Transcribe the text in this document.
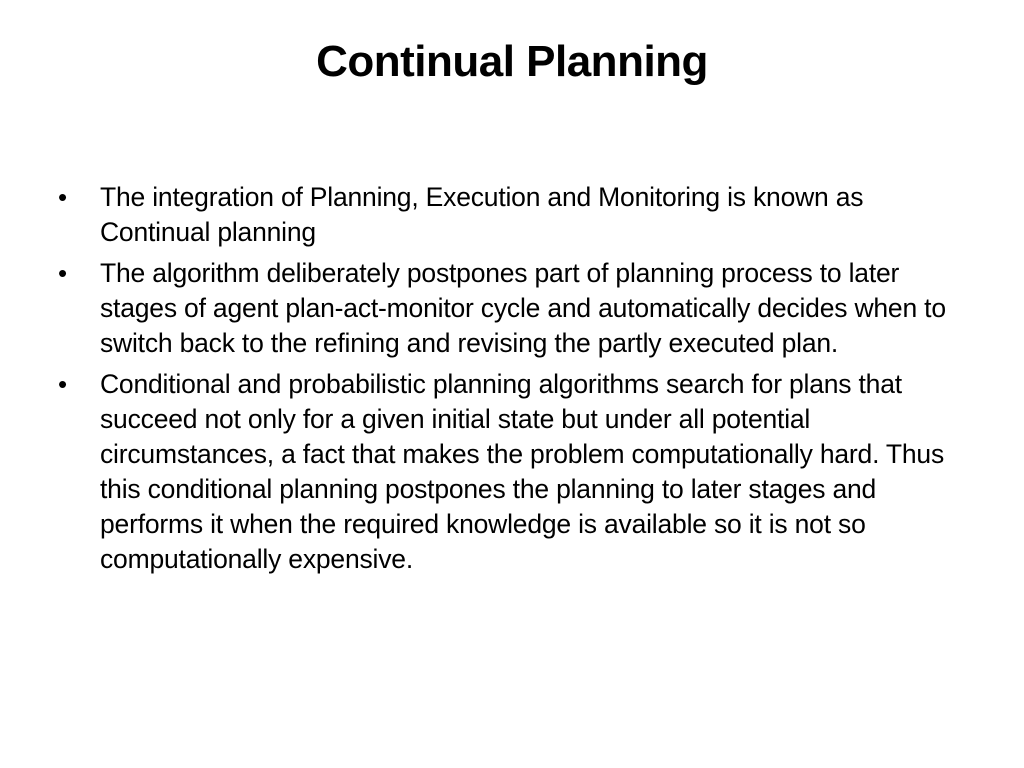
Continual Planning
•	The integration of Planning, Execution and Monitoring is known as Continual planning
•	The algorithm deliberately postpones part of planning process to later stages of agent plan-act-monitor cycle and automatically decides when to switch back to the refining and revising the partly executed plan.
•	Conditional and probabilistic planning algorithms search for plans that succeed not only for a given initial state but under all potential circumstances, a fact that makes the problem computationally hard. Thus this conditional planning postpones the planning to later stages and performs it when the required knowledge is available so it is not so computationally expensive.
